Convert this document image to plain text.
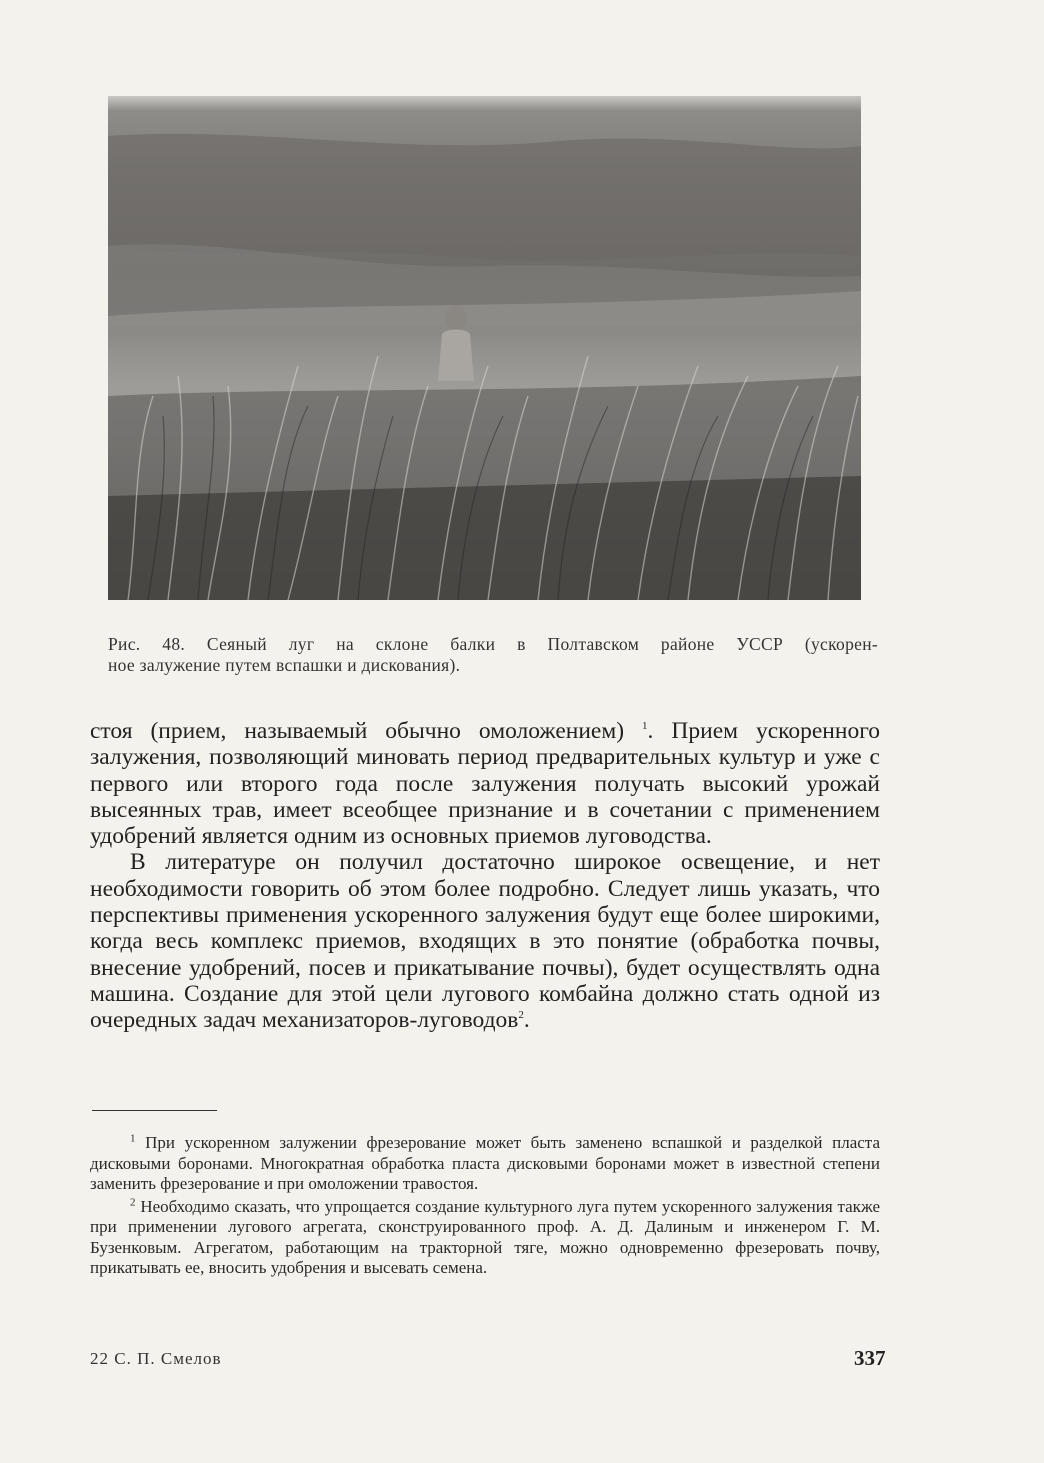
Рис. 48. Сеяный луг на склоне балки в Полтавском районе УССР (ускорен-
ное залужение путем вспашки и дискования).

стоя (прием, называемый обычно омоложением) $^1$. Прием ускоренного залужения, позволяющий миновать период предварительных культур и уже с первого или второго года после залужения получать высокий урожай высеянных трав, имеет всеобщее признание и в сочетании с применением удобрений является одним из основных приемов луговодства.

В литературе он получил достаточно широкое освещение, и нет необходимости говорить об этом более подробно. Следует лишь указать, что перспективы применения ускоренного залужения будут еще более широкими, когда весь комплекс приемов, входящих в это понятие (обработка почвы, внесение удобрений, посев и прикатывание почвы), будет осуществлять одна машина. Создание для этой цели лугового комбайна должно стать одной из очередных задач механизаторов-луговодов$^2$.

$^1$ При ускоренном залужении фрезерование может быть заменено вспашкой и разделкой пласта дисковыми боронами. Многократная обработка пласта дисковыми боронами может в известной степени заменить фрезерование и при омоложении травостоя.

$^2$ Необходимо сказать, что упрощается создание культурного луга путем ускоренного залужения также при применении лугового агрегата, сконструированного проф. А. Д. Далиным и инженером Г. М. Бузенковым. Агрегатом, работающим на тракторной тяге, можно одновременно фрезеровать почву, прикатывать ее, вносить удобрения и высевать семена.

22 С. П. Смелов	337
